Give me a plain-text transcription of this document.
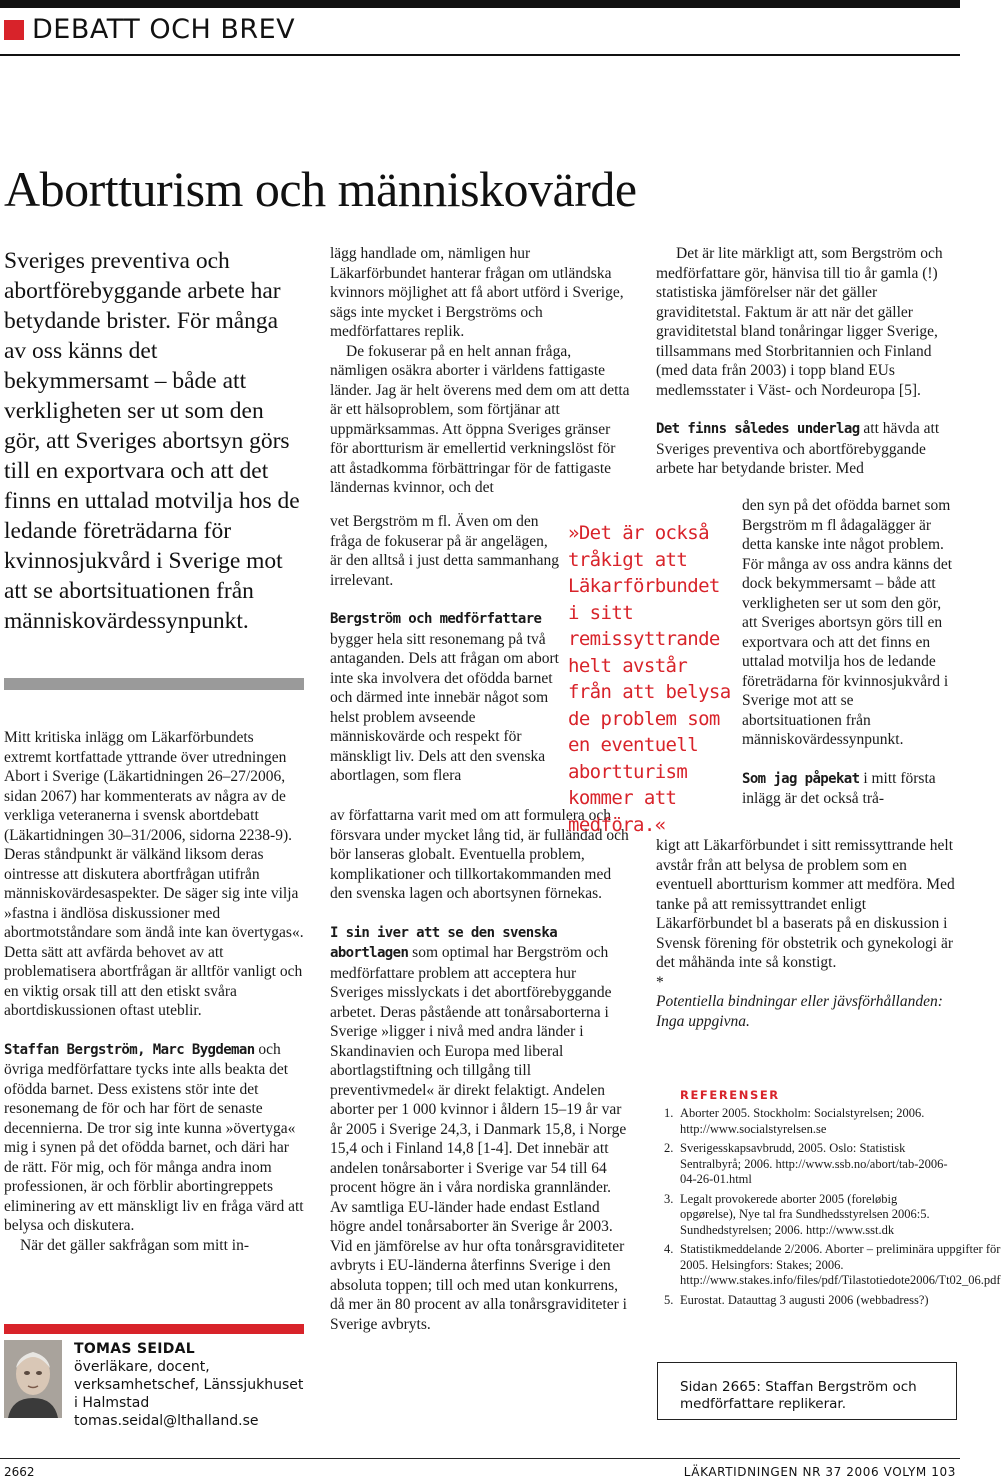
DEBATT OCH BREV
Abortturism och människovärde

Sveriges preventiva och abortförebyggande arbete har betydande brister. För många av oss känns det bekymmersamt – både att verkligheten ser ut som den gör, att Sveriges abortsyn görs till en exportvara och att det finns en uttalad motvilja hos de ledande företrädarna för kvinnosjukvård i Sverige mot att se abortsituationen från människovärdessynpunkt.

Mitt kritiska inlägg om Läkarförbundets extremt kortfattade yttrande över utredningen Abort i Sverige (Läkartidningen 26–27/2006, sidan 2067) har kommenterats av några av de verkliga veteranerna i svensk abortdebatt (Läkartidningen 30–31/2006, sidorna 2238-9). Deras ståndpunkt är välkänd liksom deras ointresse att diskutera abortfrågan utifrån människovärdesaspekter. De säger sig inte vilja »fastna i ändlösa diskussioner med abortmotståndare som ändå inte kan övertygas«. Detta sätt att avfärda behovet av att problematisera abortfrågan är alltför vanligt och en viktig orsak till att den etiskt svåra abortdiskussionen oftast uteblir.

Staffan Bergström, Marc Bygdeman och övriga medförfattare tycks inte alls beakta det ofödda barnet. Dess existens stör inte det resonemang de för och har fört de senaste decennierna. De tror sig inte kunna »övertyga« mig i synen på det ofödda barnet, och däri har de rätt. För mig, och för många andra inom professionen, är och förblir abortingreppets eliminering av ett mänskligt liv en fråga värd att belysa och diskutera.

När det gäller sakfrågan som mitt in-

TOMAS SEIDAL
överläkare, docent, verksamhetschef, Länssjukhuset i Halmstad
tomas.seidal@lthalland.se

lägg handlade om, nämligen hur Läkarförbundet hanterar frågan om utländska kvinnors möjlighet att få abort utförd i Sverige, sägs inte mycket i Bergströms och medförfattares replik.

De fokuserar på en helt annan fråga, nämligen osäkra aborter i världens fattigaste länder. Jag är helt överens med dem om att detta är ett hälsoproblem, som förtjänar att uppmärksammas. Att öppna Sveriges gränser för abortturism är emellertid verkningslöst för att åstadkomma förbättringar för de fattigaste ländernas kvinnor, och det

vet Bergström m fl. Även om den fråga de fokuserar på är angelägen, är den alltså i just detta sammanhang irrelevant.

Bergström och medförfattare bygger hela sitt resonemang på två antaganden. Dels att frågan om abort inte ska involvera det ofödda barnet och därmed inte innebär något som helst problem avseende människovärde och respekt för mänskligt liv. Dels att den svenska abortlagen, som flera

av författarna varit med om att formulera och försvara under mycket lång tid, är fulländad och bör lanseras globalt. Eventuella problem, komplikationer och tillkortakommanden med den svenska lagen och abortsynen förnekas.

I sin iver att se den svenska abortlagen som optimal har Bergström och medförfattare problem att acceptera hur Sveriges misslyckats i det abortförebyggande arbetet. Deras påstående att tonårsaborterna i Sverige »ligger i nivå med andra länder i Skandinavien och Europa med liberal abortlagstiftning och tillgång till preventivmedel« är direkt felaktigt. Andelen aborter per 1 000 kvinnor i åldern 15–19 år var år 2005 i Sverige 24,3, i Danmark 15,8, i Norge 15,4 och i Finland 14,8 [1-4]. Det innebär att andelen tonårsaborter i Sverige var 54 till 64 procent högre än i våra nordiska grannländer. Av samtliga EU-länder hade endast Estland högre andel tonårsaborter än Sverige år 2003. Vid en jämförelse av hur ofta tonårsgraviditeter avbryts i EU-länderna återfinns Sverige i den absoluta toppen; till och med utan konkurrens, då mer än 80 procent av alla tonårsgraviditeter i Sverige avbryts.

»Det är också tråkigt att Läkarförbundet i sitt remissyttrande helt avstår från att belysa de problem som en eventuell abortturism kommer att medföra.«

Det är lite märkligt att, som Bergström och medförfattare gör, hänvisa till tio år gamla (!) statistiska jämförelser när det gäller graviditetstal. Faktum är att när det gäller graviditetstal bland tonåringar ligger Sverige, tillsammans med Storbritannien och Finland (med data från 2003) i topp bland EUs medlemsstater i Väst- och Nordeuropa [5].

Det finns således underlag att hävda att Sveriges preventiva och abortförebyggande arbete har betydande brister. Med

den syn på det ofödda barnet som Bergström m fl ådagalägger är detta kanske inte något problem. För många av oss andra känns det dock bekymmersamt – både att verkligheten ser ut som den gör, att Sveriges abortsyn görs till en exportvara och att det finns en uttalad motvilja hos de ledande företrädarna för kvinnosjukvård i Sverige mot att se abortsituationen från människovärdessynpunkt.

Som jag påpekat i mitt första inlägg är det också trå-

kigt att Läkarförbundet i sitt remissyttrande helt avstår från att belysa de problem som en eventuell abortturism kommer att medföra. Med tanke på att remissyttrandet enligt Läkarförbundet bl a baserats på en diskussion i Svensk förening för obstetrik och gynekologi är det måhända inte så konstigt.

*

Potentiella bindningar eller jävsförhållanden: Inga uppgivna.

REFERENSER
1. Aborter 2005. Stockholm: Socialstyrelsen; 2006. http://www.socialstyrelsen.se
2. Sverigesskapsavbrudd, 2005. Oslo: Statistisk Sentralbyrå; 2006. http://www.ssb.no/abort/tab-2006-04-26-01.html
3. Legalt provokerede aborter 2005 (foreløbig opgørelse), Nye tal fra Sundhedsstyrelsen 2006:5. Sundhedstyrelsen; 2006. http://www.sst.dk
4. Statistikmeddelande 2/2006. Aborter – preliminära uppgifter för 2005. Helsingfors: Stakes; 2006. http://www.stakes.info/files/pdf/Tilastotiedote2006/Tt02_06.pdf
5. Eurostat. Datauttag 3 augusti 2006 (webbadress?)
Sidan 2665: Staffan Bergström och medförfattare replikerar.
2662	LÄKARTIDNINGEN NR 37 2006 VOLYM 103
